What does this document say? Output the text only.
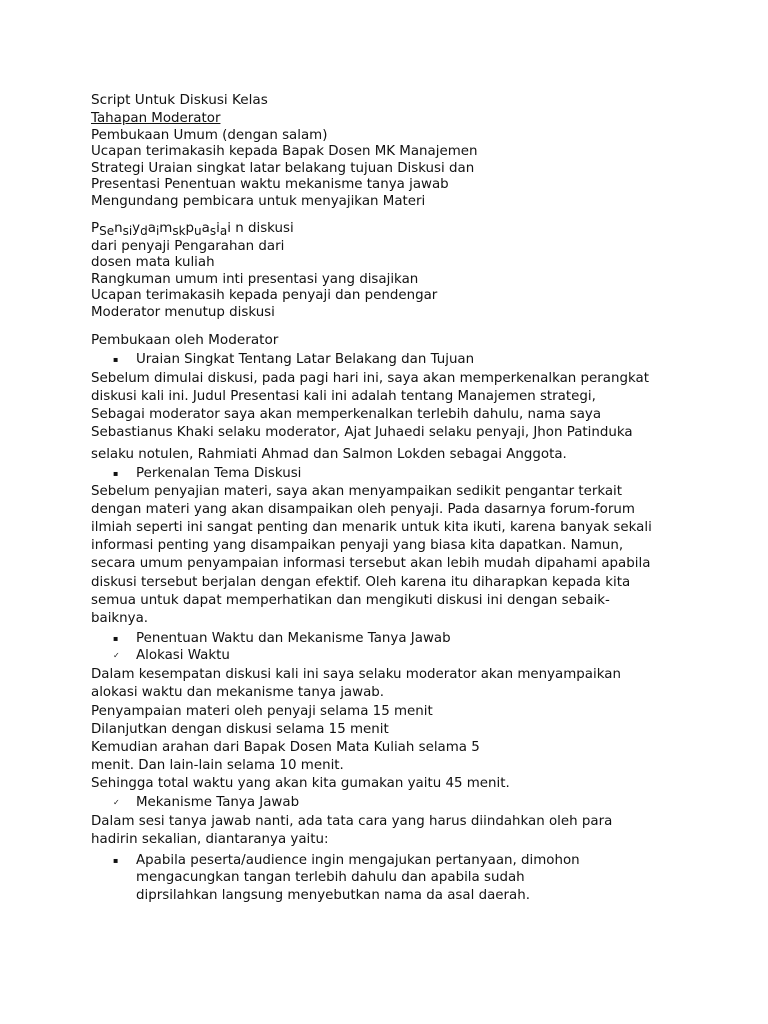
Script Untuk Diskusi Kelas
Tahapan Moderator
Pembukaan Umum (dengan salam)
Ucapan terimakasih kepada Bapak Dosen MK Manajemen
Strategi Uraian singkat latar belakang tujuan Diskusi dan
Presentasi Penentuan waktu mekanisme tanya jawab
Mengundang pembicara untuk menyajikan Materi
PSensiydaimskpuasiai n diskusi
dari penyaji Pengarahan dari
dosen mata kuliah
Rangkuman umum inti presentasi yang disajikan
Ucapan terimakasih kepada penyaji dan pendengar
Moderator menutup diskusi
Pembukaan oleh Moderator
▪ Uraian Singkat Tentang Latar Belakang dan Tujuan
Sebelum dimulai diskusi, pada pagi hari ini, saya akan memperkenalkan perangkat
diskusi kali ini. Judul Presentasi kali ini adalah tentang Manajemen strategi,
Sebagai moderator saya akan memperkenalkan terlebih dahulu, nama saya
Sebastianus Khaki selaku moderator, Ajat Juhaedi selaku penyaji, Jhon Patinduka
selaku notulen, Rahmiati Ahmad dan Salmon Lokden sebagai Anggota.
▪ Perkenalan Tema Diskusi
Sebelum penyajian materi, saya akan menyampaikan sedikit pengantar terkait
dengan materi yang akan disampaikan oleh penyaji. Pada dasarnya forum-forum
ilmiah seperti ini sangat penting dan menarik untuk kita ikuti, karena banyak sekali
informasi penting yang disampaikan penyaji yang biasa kita dapatkan. Namun,
secara umum penyampaian informasi tersebut akan lebih mudah dipahami apabila
diskusi tersebut berjalan dengan efektif. Oleh karena itu diharapkan kepada kita
semua untuk dapat memperhatikan dan mengikuti diskusi ini dengan sebaik-
baiknya.
▪ Penentuan Waktu dan Mekanisme Tanya Jawab
✓ Alokasi Waktu
Dalam kesempatan diskusi kali ini saya selaku moderator akan menyampaikan
alokasi waktu dan mekanisme tanya jawab.
Penyampaian materi oleh penyaji selama 15 menit
Dilanjutkan dengan diskusi selama 15 menit
Kemudian arahan dari Bapak Dosen Mata Kuliah selama 5
menit. Dan lain-lain selama 10 menit.
Sehingga total waktu yang akan kita gumakan yaitu 45 menit.
✓ Mekanisme Tanya Jawab
Dalam sesi tanya jawab nanti, ada tata cara yang harus diindahkan oleh para
hadirin sekalian, diantaranya yaitu:
▪ Apabila peserta/audience ingin mengajukan pertanyaan, dimohon
mengacungkan tangan terlebih dahulu dan apabila sudah
diprsilahkan langsung menyebutkan nama da asal daerah.
